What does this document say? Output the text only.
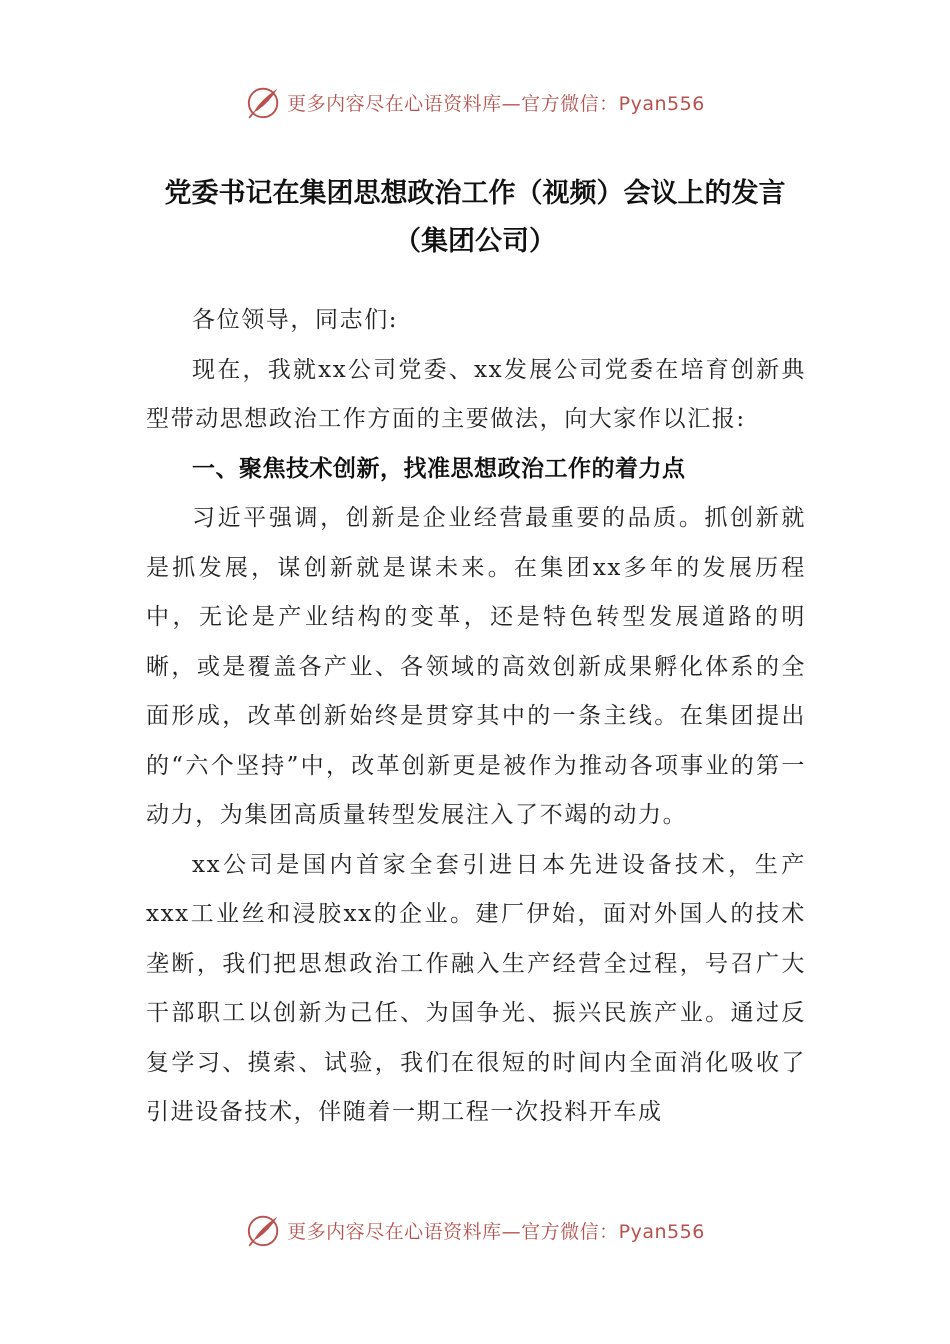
更多内容尽在心语资料库—官方微信：Pyan556
党委书记在集团思想政治工作（视频）会议上的发言（集团公司）

各位领导，同志们:

现在，我就xx公司党委、xx发展公司党委在培育创新典型带动思想政治工作方面的主要做法，向大家作以汇报:

一、聚焦技术创新，找准思想政治工作的着力点

习近平强调，创新是企业经营最重要的品质。抓创新就是抓发展，谋创新就是谋未来。在集团xx多年的发展历程中，无论是产业结构的变革，还是特色转型发展道路的明晰，或是覆盖各产业、各领域的高效创新成果孵化体系的全面形成，改革创新始终是贯穿其中的一条主线。在集团提出的“六个坚持”中，改革创新更是被作为推动各项事业的第一动力，为集团高质量转型发展注入了不竭的动力。

xx公司是国内首家全套引进日本先进设备技术，生产xxx工业丝和浸胶xx的企业。建厂伊始，面对外国人的技术垄断，我们把思想政治工作融入生产经营全过程，号召广大干部职工以创新为己任、为国争光、振兴民族产业。通过反复学习、摸索、试验，我们在很短的时间内全面消化吸收了引进设备技术，伴随着一期工程一次投料开车成

更多内容尽在心语资料库—官方微信：Pyan556
